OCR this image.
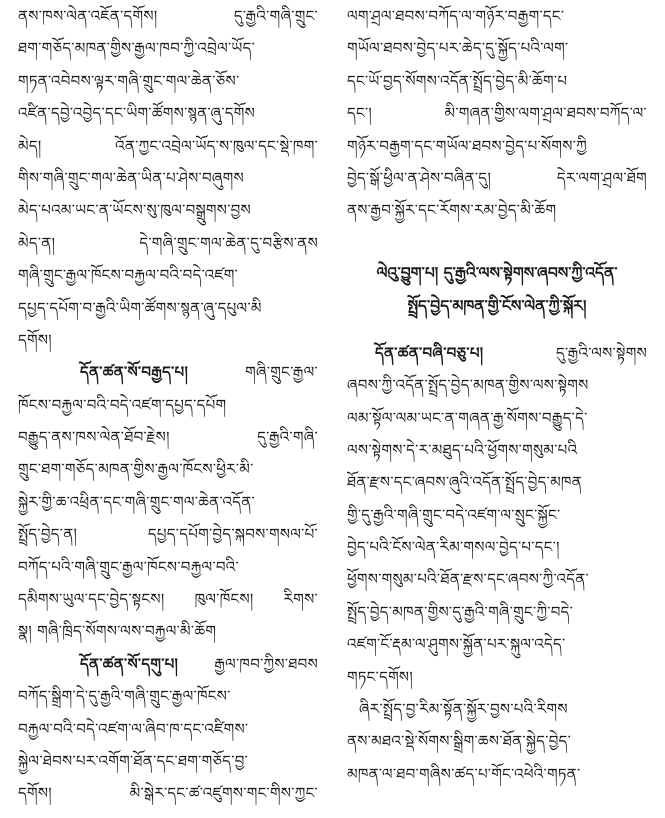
ནས་ཁས་ལེན་འཇོན་དགོས། དུ་རྒྱའི་གཞི་གྲུང་
ཐག་གཅོད་མཁན་གྱིས་རྒྱལ་ཁབ་ཀྱི་འབྲེལ་ཡོད་
གཏན་འབེབས་ལྟར་གཞི་གྲུང་གལ་ཆེན་ཅོས་
འཛིན་དབྱེ་འབྱེད་དང་ཡིག་ཚོགས་སྙན་ཞུ་དགོས
མེད། འོན་ཀྱང་འབྲེལ་ཡོད་ས་ཁུལ་དང་སྡེ་ཁག་
གིས་གཞི་གྲུང་གལ་ཆེན་ཡིན་པ་ཤེས་བཞུགས
མེད་པའམ་ཡང་ན་ཡོངས་སུ་ཁུལ་བསྒྲུགས་བྱས
མེད་ན། དེ་གཞི་གྲུང་གལ་ཆེན་དུ་བརྩིས་ནས
གཞི་གྲུང་རྒྱལ་ཁོངས་བརྐྱལ་བའི་བདེ་འཛག་
དཔྱད་དཔོག་བ་རྒྱའི་ཡིག་ཚོགས་སྙན་ཞུ་དཔུལ་མི
དགོས།
དོན་ཚན་སོ་བརྒྱད་པ།	གཞི་གྲུང་རྒྱལ་
ཁོངས་བརྐྱལ་བའི་བདེ་འཛག་དཔྱད་དཔོག
བརྒྱུད་ནས་ཁས་ལེན་ཐོབ་རྗེས། དུ་རྒྱའི་གཞི་
གྲུང་ཐག་གཅོད་མཁན་གྱིས་རྒྱལ་ཁོངས་ཕྱིར་མི་
སྐྱེར་གྱི་ཆ་འཕྲིན་དང་གཞི་གྲུང་གལ་ཆེན་འདོན་
སྤྲོད་བྱེད་ན། དཔྱད་དཔོག་བྱེད་སྐབས་གསལ་པོ་
བཀོད་པའི་གཞི་གྲུང་རྒྱལ་ཁོངས་བརྐྱལ་བའི་
དམིགས་ཡུལ་དང་བྱེད་སྟངས། ཁུལ་ཁོངས། རིགས་
སྣ། གཞི་ཁྲིད་སོགས་ལས་བརྐྱལ་མི་ཆོག
དོན་ཚན་སོ་དགུ་པ། རྒྱལ་ཁབ་ཀྱིས་ཐབས
བཀོད་སྒྲིག་དེ་དུ་རྒྱའི་གཞི་གྲུང་རྒྱལ་ཁོངས་
བརྐྱལ་བའི་བདེ་འཛག་ལ་ཞིབ་ཁ་དང་འཛིགས་
སྐྱེལ་ཐེབས་པར་འགོག་ཐོན་དང་ཐག་གཅོད་བྱ་
དགོས། མི་སྒེར་དང་ཚ་འཛུགས་གང་གིས་ཀྱང་
ལག་ཤྲལ་ཐབས་བཀོད་ལ་གཉོར་བརྒྱག་དང་
གཡོལ་ཐབས་བྱེད་པར་ཆེད་དུ་སྐྱོད་པའི་ལག་
དང་ཡོ་བྱད་སོགས་འདོན་སྤྲོད་བྱེད་མི་ཆོག་པ
དང་། མི་གཞན་གྱིས་ལག་ཤྲལ་ཐབས་བཀོད་ལ་
གཉོར་བརྒྱག་དང་གཡོལ་ཐབས་བྱེད་པ་སོགས་ཀྱི
བྱེད་སྒོ་ཕྱིལ་ན་ཤེས་བཞིན་དུ། དེར་ལག་ཤྲལ་ཐོག
ནས་རྒྱབ་སྐྱོར་དང་རོགས་རམ་བྱེད་མི་ཆོག
ལེའུ་བྱུག་པ། དུ་རྒྱའི་ལས་སྟེགས་ཞབས་ཀྱི་འདོན་
སྤྲོད་བྱེད་མཁན་གྱི་ངོས་ལེན་ཀྱི་སྐོར།
དོན་ཚན་བཞི་བཅུ་པ།	དུ་རྒྱའི་ལས་སྟེགས
ཞབས་ཀྱི་འདོན་སྤྲོད་བྱེད་མཁན་གྱིས་ལས་སྟེགས
ལམ་སྟོལ་ལམ་ཡང་ན་གཞན་རྒྱ་སོགས་བརྒྱུད་དེ་
ལས་སྟེགས་དེ་ར་མཐུད་པའི་ཕྱོགས་གསུམ་པའི
ཐོན་རྫས་དང་ཞབས་ཞུའི་འདོན་སྤྲོད་བྱེད་མཁན
གྱི་དུ་རྒྱའི་གཞི་གྲུང་བདེ་འཛག་ལ་སྲུང་སྐྱོང་
བྱེད་པའི་ངོས་ལེན་རིམ་གསལ་བྱེད་པ་དང་།
ཕྱོགས་གསུམ་པའི་ཐོན་རྫས་དང་ཞབས་ཀྱི་འདོན་
སྤྲོད་བྱེད་མཁན་གྱིས་དུ་རྒྱའི་གཞི་གྲུང་ཀྱི་བདེ་
འཛག་ངོ་རྡམ་ལ་ཤུགས་སྐྱོན་པར་སྐུལ་འདེད་
གཏང་དགོས།
ཞིར་སྤྲོད་བྱ་རིམ་སྟོན་སྐྱོར་བྱས་པའི་རིགས
ནས་མཐའ་སྡེ་སོགས་སྒྲིག་ཆས་ཐོན་སྐྱེད་བྱེད་
མཁན་ལ་ཐབ་གཞིས་ཚད་པ་གོང་འཕེའི་གཏན་
